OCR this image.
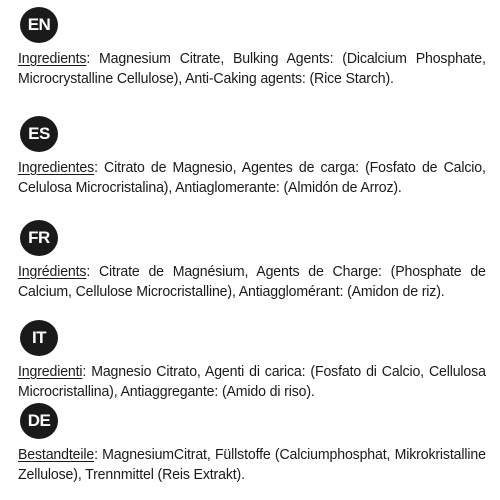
EN
Ingredients: Magnesium Citrate, Bulking Agents: (Dicalcium Phosphate, Microcrystalline Cellulose), Anti-Caking agents: (Rice Starch).
ES
Ingredientes: Citrato de Magnesio, Agentes de carga: (Fosfato de Calcio, Celulosa Microcristalina), Antiaglomerante: (Almidón de Arroz).
FR
Ingrédients: Citrate de Magnésium, Agents de Charge: (Phosphate de Calcium, Cellulose Microcristalline), Antiagglomérant: (Amidon de riz).
IT
Ingredienti: Magnesio Citrato, Agenti di carica: (Fosfato di Calcio, Cellulosa Microcristallina), Antiaggregante: (Amido di riso).
DE
Bestandteile: MagnesiumCitrat, Füllstoffe (Calciumphosphat, Mikrokristalline Zellulose), Trennmittel (Reis Extrakt).
